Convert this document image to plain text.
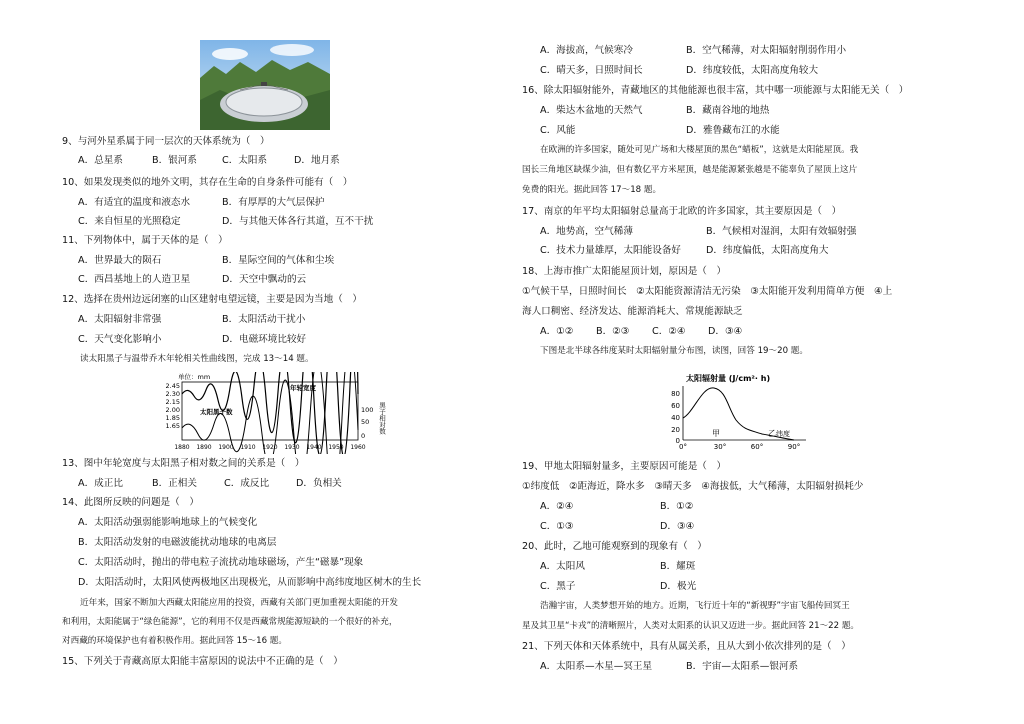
9、与河外星系属于同一层次的天体系统为（　）
A．总星系	B．银河系	C．太阳系	D．地月系
10、如果发现类似的地外文明，其存在生命的自身条件可能有（　）
A．有适宜的温度和液态水	B．有厚厚的大气层保护
C．来自恒星的光照稳定	D．与其他天体各行其道，互不干扰
11、下列物体中，属于天体的是（　）
A．世界最大的陨石	B．星际空间的气体和尘埃
C．西昌基地上的人造卫星	D．天空中飘动的云
12、选择在贵州边远闭塞的山区建射电望远镜，主要是因为当地（　）
A．太阳辐射非常强	B．太阳活动干扰小
C．天气变化影响小	D．电磁环境比较好
读太阳黑子与温带乔木年轮相关性曲线图，完成 13～14 题。
单位：mm
2.45
2.30
2.15
2.00
1.85
1.65
年轮宽度
太阳黑子数	100
50
0
黑子相对数
1880 1890 1900 1910 1920 1930 1940 1950 1960
13、图中年轮宽度与太阳黑子相对数之间的关系是（　）
A．成正比	B．正相关	C．成反比	D．负相关
14、此图所反映的问题是（　）
A．太阳活动强弱能影响地球上的气候变化
B．太阳活动发射的电磁波能扰动地球的电离层
C．太阳活动时，抛出的带电粒子流扰动地球磁场，产生“磁暴”现象
D．太阳活动时，太阳风使两极地区出现极光，从而影响中高纬度地区树木的生长
近年来，国家不断加大西藏太阳能应用的投资，西藏有关部门更加重视太阳能的开发
和利用，太阳能属于“绿色能源”，它的利用不仅是西藏常规能源短缺的一个很好的补充，
对西藏的环境保护也有着积极作用。据此回答 15～16 题。
15、下列关于青藏高原太阳能丰富原因的说法中不正确的是（　）
A．海拔高，气候寒冷	B．空气稀薄，对太阳辐射削弱作用小
C．晴天多，日照时间长	D．纬度较低，太阳高度角较大
16、除太阳辐射能外，青藏地区的其他能源也很丰富，其中哪一项能源与太阳能无关（　）
A．柴达木盆地的天然气	B．藏南谷地的地热
C．风能	D．雅鲁藏布江的水能
在欧洲的许多国家，随处可见广场和大楼屋顶的黑色“蜡板”，这就是太阳能屋顶。我
国长三角地区缺煤少油，但有数亿平方米屋顶，越是能源紧张越是不能辜负了屋顶上这片
免费的阳光。据此回答 17～18 题。
17、南京的年平均太阳辐射总量高于北欧的许多国家，其主要原因是（　）
A．地势高，空气稀薄	B．气候相对湿润，太阳有效辐射强
C．技术力量雄厚，太阳能设备好	D．纬度偏低，太阳高度角大
18、上海市推广太阳能屋顶计划，原因是（　）
①气候干旱，日照时间长　②太阳能资源清洁无污染　③太阳能开发利用简单方便　④上
海人口稠密、经济发达、能源消耗大、常规能源缺乏
A．①② B．②③ C．②④ D．③④
下图是北半球各纬度某时太阳辐射量分布图，读图，回答 19～20 题。
太阳辐射量 (J/cm²· h)
80
60
40
20
0
甲	乙 纬度
0°	30°	60°	90°
19、甲地太阳辐射量多，主要原因可能是（　）
①纬度低　②距海近，降水多　③晴天多　④海拔低，大气稀薄，太阳辐射损耗少
A．②④	B．①②
C．①③	D．③④
20、此时，乙地可能观察到的现象有（　）
A．太阳风	B．耀斑
C．黑子	D．极光
浩瀚宇宙，人类梦想开始的地方。近期，飞行近十年的“新视野”宇宙飞船传回冥王
星及其卫星“卡戎”的清晰照片，人类对太阳系的认识又迈进一步。据此回答 21～22 题。
21、下列天体和天体系统中，具有从属关系，且从大到小依次排列的是（　）
A．太阳系—木星—冥王星	B．宇宙—太阳系—银河系
